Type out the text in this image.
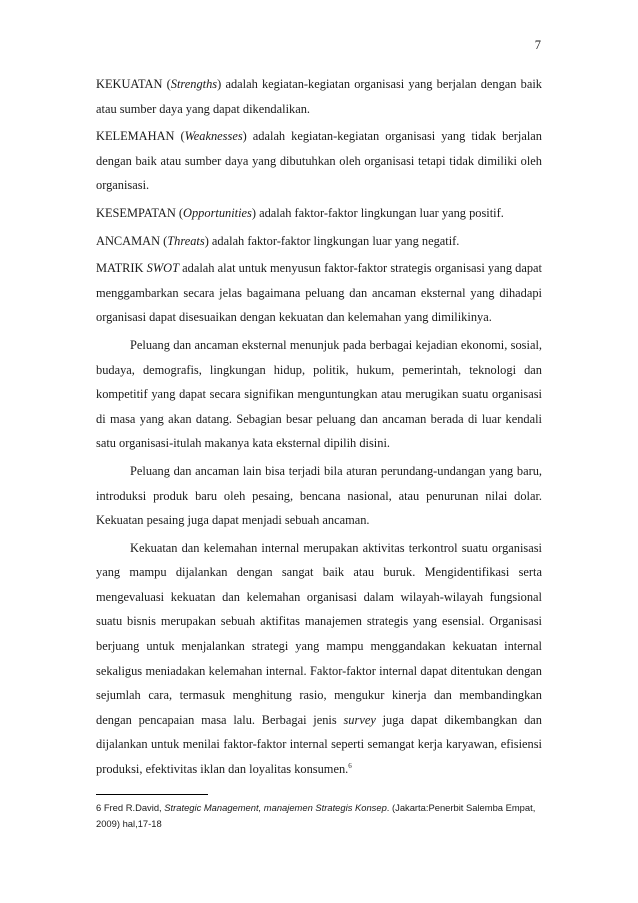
7

KEKUATAN (Strengths) adalah kegiatan-kegiatan organisasi yang berjalan dengan baik atau sumber daya yang dapat dikendalikan.

KELEMAHAN (Weaknesses) adalah kegiatan-kegiatan organisasi yang tidak berjalan dengan baik atau sumber daya yang dibutuhkan oleh organisasi tetapi tidak dimiliki oleh organisasi.

KESEMPATAN (Opportunities) adalah faktor-faktor lingkungan luar yang positif.

ANCAMAN (Threats) adalah faktor-faktor lingkungan luar yang negatif.

MATRIK SWOT adalah alat untuk menyusun faktor-faktor strategis organisasi yang dapat menggambarkan secara jelas bagaimana peluang dan ancaman eksternal yang dihadapi organisasi dapat disesuaikan dengan kekuatan dan kelemahan yang dimilikinya.

Peluang dan ancaman eksternal menunjuk pada berbagai kejadian ekonomi, sosial, budaya, demografis, lingkungan hidup, politik, hukum, pemerintah, teknologi dan kompetitif yang dapat secara signifikan menguntungkan atau merugikan suatu organisasi di masa yang akan datang. Sebagian besar peluang dan ancaman berada di luar kendali satu organisasi-itulah makanya kata eksternal dipilih disini.

Peluang dan ancaman lain bisa terjadi bila aturan perundang-undangan yang baru, introduksi produk baru oleh pesaing, bencana nasional, atau penurunan nilai dolar. Kekuatan pesaing juga dapat menjadi sebuah ancaman.

Kekuatan dan kelemahan internal merupakan aktivitas terkontrol suatu organisasi yang mampu dijalankan dengan sangat baik atau buruk. Mengidentifikasi serta mengevaluasi kekuatan dan kelemahan organisasi dalam wilayah-wilayah fungsional suatu bisnis merupakan sebuah aktifitas manajemen strategis yang esensial. Organisasi berjuang untuk menjalankan strategi yang mampu menggandakan kekuatan internal sekaligus meniadakan kelemahan internal. Faktor-faktor internal dapat ditentukan dengan sejumlah cara, termasuk menghitung rasio, mengukur kinerja dan membandingkan dengan pencapaian masa lalu. Berbagai jenis survey juga dapat dikembangkan dan dijalankan untuk menilai faktor-faktor internal seperti semangat kerja karyawan, efisiensi produksi, efektivitas iklan dan loyalitas konsumen.$^6$

6 Fred R.David, Strategic Management, manajemen Strategis Konsep. (Jakarta:Penerbit Salemba Empat, 2009) hal,17-18
